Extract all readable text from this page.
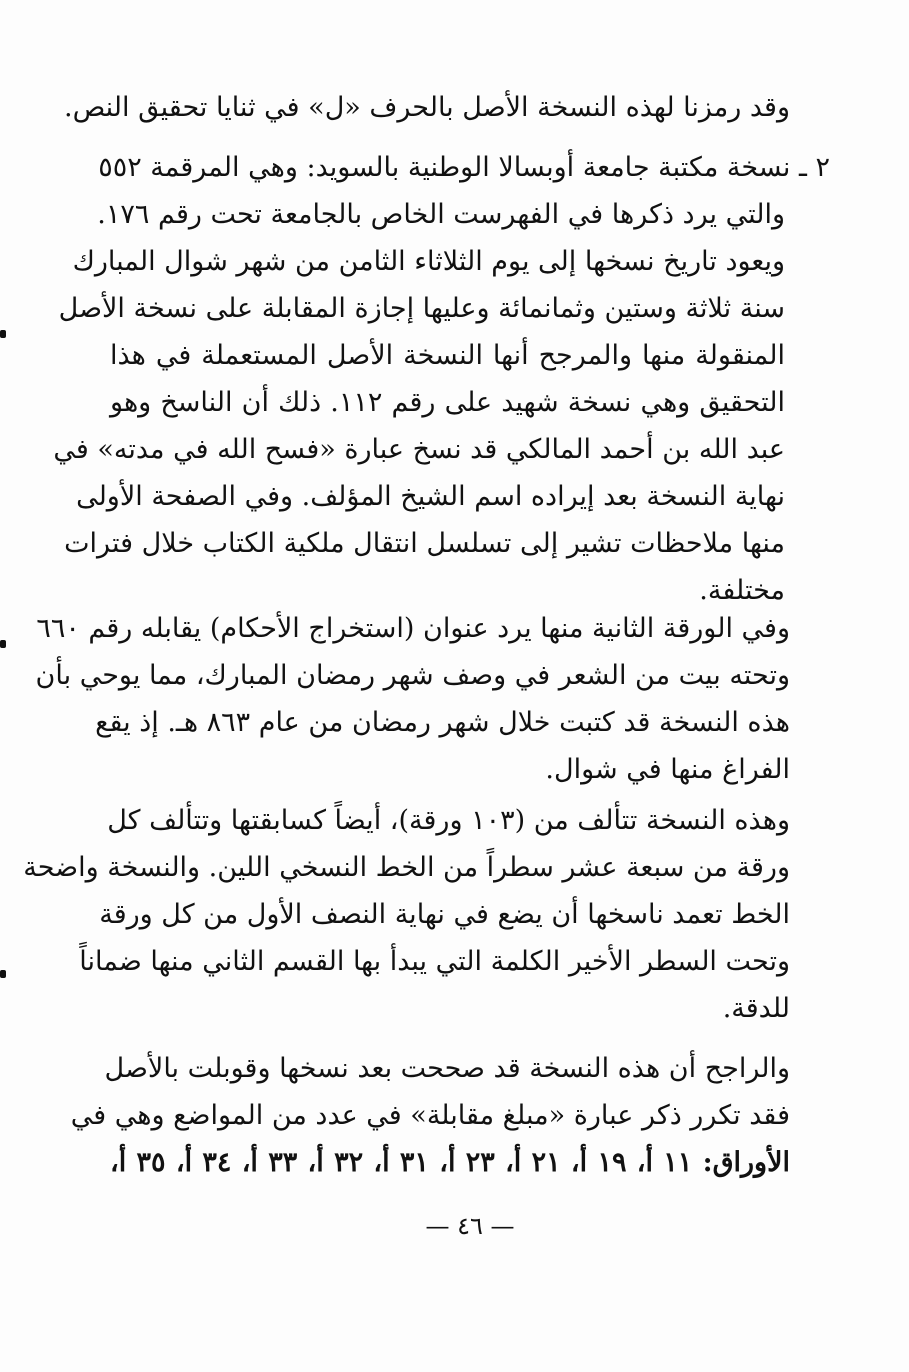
وقد رمزنا لهذه النسخة الأصل بالحرف «ل» في ثنايا تحقيق النص.
٢ ـ نسخة مكتبة جامعة أوبسالا الوطنية بالسويد: وهي المرقمة ٥٥٢
والتي يرد ذكرها في الفهرست الخاص بالجامعة تحت رقم ١٧٦.
ويعود تاريخ نسخها إلى يوم الثلاثاء الثامن من شهر شوال المبارك
سنة ثلاثة وستين وثمانمائة وعليها إجازة المقابلة على نسخة الأصل
المنقولة منها والمرجح أنها النسخة الأصل المستعملة في هذا
التحقيق وهي نسخة شهيد على رقم ١١٢. ذلك أن الناسخ وهو
عبد الله بن أحمد المالكي قد نسخ عبارة «فسح الله في مدته» في
نهاية النسخة بعد إيراده اسم الشيخ المؤلف. وفي الصفحة الأولى
منها ملاحظات تشير إلى تسلسل انتقال ملكية الكتاب خلال فترات
مختلفة.
وفي الورقة الثانية منها يرد عنوان (استخراج الأحكام) يقابله رقم ٦٦٠
وتحته بيت من الشعر في وصف شهر رمضان المبارك، مما يوحي بأن
هذه النسخة قد كتبت خلال شهر رمضان من عام ٨٦٣ هـ. إذ يقع
الفراغ منها في شوال.
وهذه النسخة تتألف من (١٠٣ ورقة)، أيضاً كسابقتها وتتألف كل
ورقة من سبعة عشر سطراً من الخط النسخي اللين. والنسخة واضحة
الخط تعمد ناسخها أن يضع في نهاية النصف الأول من كل ورقة
وتحت السطر الأخير الكلمة التي يبدأ بها القسم الثاني منها ضماناً
للدقة.
والراجح أن هذه النسخة قد صححت بعد نسخها وقوبلت بالأصل
فقد تكرر ذكر عبارة «مبلغ مقابلة» في عدد من المواضع وهي في
الأوراق: ١١ أ، ١٩ أ، ٢١ أ، ٢٣ أ، ٣١ أ، ٣٢ أ، ٣٣ أ، ٣٤ أ، ٣٥ أ،
— ٤٦ —
